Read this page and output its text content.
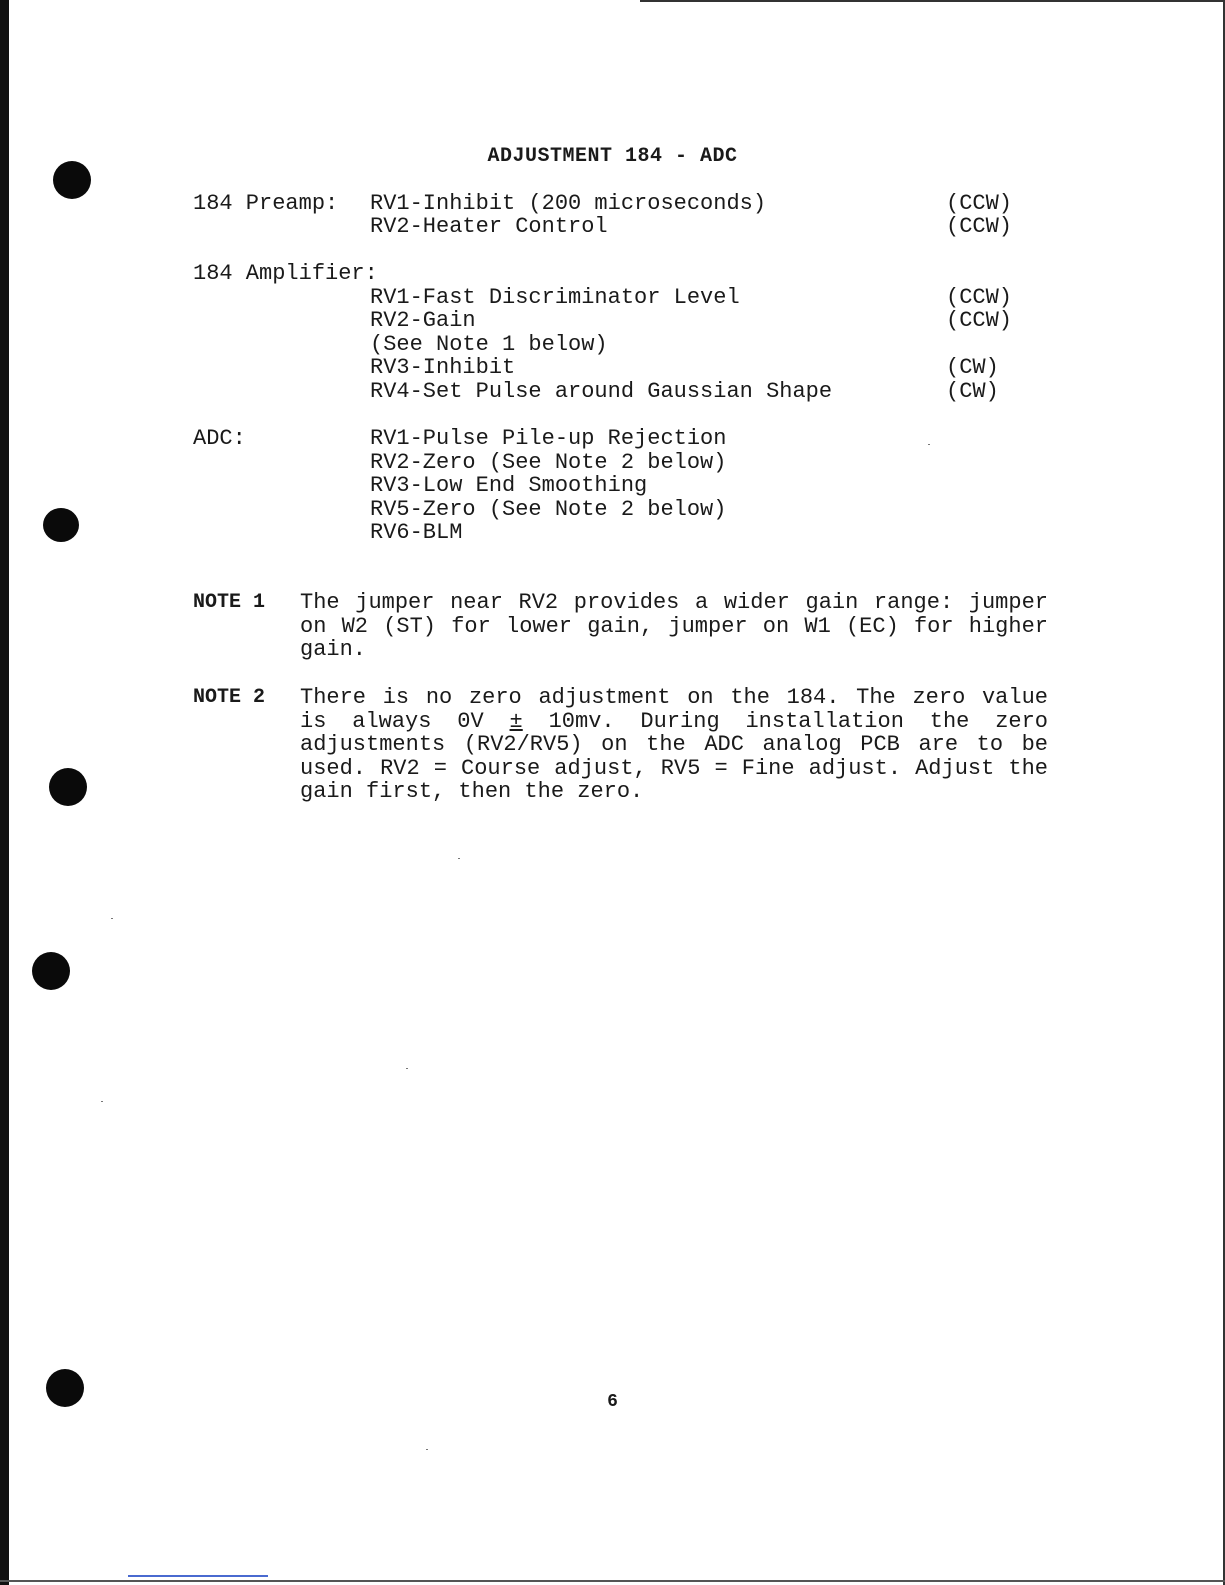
ADJUSTMENT 184 - ADC
184 Preamp: RV1-Inhibit (200 microseconds)	(CCW)
RV2-Heater Control	(CCW)
184 Amplifier:
RV1-Fast Discriminator Level	(CCW)
RV2-Gain	(CCW)
(See Note 1 below)
RV3-Inhibit	(CW)
RV4-Set Pulse around Gaussian Shape	(CW)
ADC:	RV1-Pulse Pile-up Rejection
RV2-Zero (See Note 2 below)
RV3-Low End Smoothing
RV5-Zero (See Note 2 below)
RV6-BLM
NOTE 1 The jumper near RV2 provides a wider gain range: jumper on W2 (ST) for lower gain, jumper on W1 (EC) for higher gain.
NOTE 2 There is no zero adjustment on the 184. The zero value is always 0V ± 10mv. During installation the zero adjustments (RV2/RV5) on the ADC analog PCB are to be used. RV2 = Course adjust, RV5 = Fine adjust. Adjust the gain first, then the zero.
6
